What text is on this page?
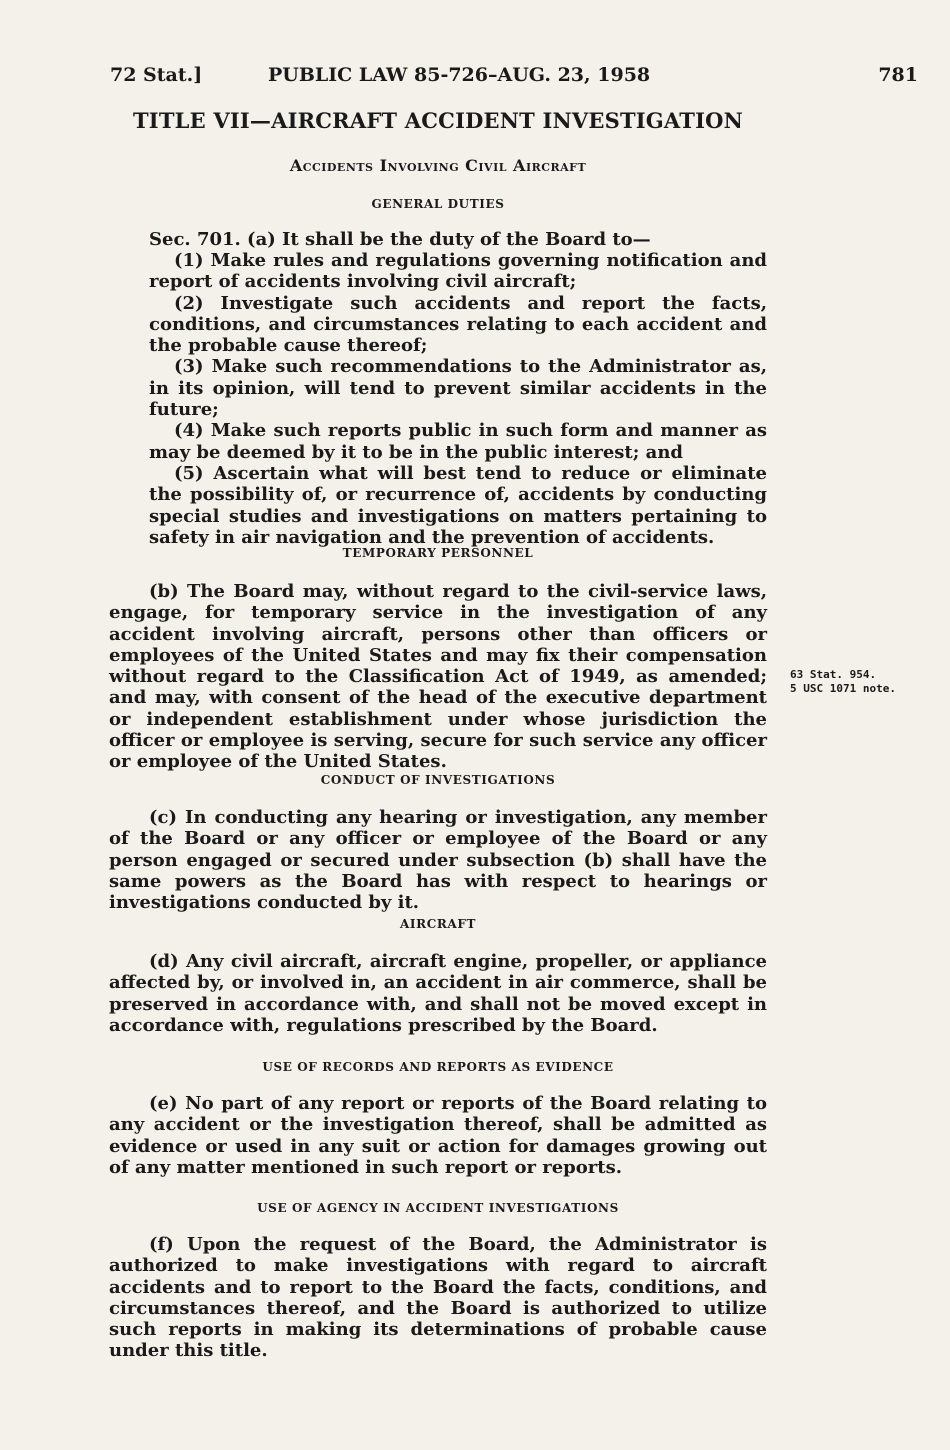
72 Stat.]	PUBLIC LAW 85-726–AUG. 23, 1958	781
TITLE VII—AIRCRAFT ACCIDENT INVESTIGATION
Accidents Involving Civil Aircraft
GENERAL DUTIES

Sec. 701. (a) It shall be the duty of the Board to—

(1) Make rules and regulations governing notification and report of accidents involving civil aircraft;

(2) Investigate such accidents and report the facts, conditions, and circumstances relating to each accident and the probable cause thereof;

(3) Make such recommendations to the Administrator as, in its opinion, will tend to prevent similar accidents in the future;

(4) Make such reports public in such form and manner as may be deemed by it to be in the public interest; and

(5) Ascertain what will best tend to reduce or eliminate the possibility of, or recurrence of, accidents by conducting special studies and investigations on matters pertaining to safety in air navigation and the prevention of accidents.

TEMPORARY PERSONNEL

(b) The Board may, without regard to the civil-service laws, engage, for temporary service in the investigation of any accident involving aircraft, persons other than officers or employees of the United States and may fix their compensation without regard to the Classification Act of 1949, as amended; and may, with consent of the head of the executive department or independent establishment under whose jurisdiction the officer or employee is serving, secure for such service any officer or employee of the United States.

63 Stat. 954.
5 USC 1071 note.
CONDUCT OF INVESTIGATIONS

(c) In conducting any hearing or investigation, any member of the Board or any officer or employee of the Board or any person engaged or secured under subsection (b) shall have the same powers as the Board has with respect to hearings or investigations conducted by it.

AIRCRAFT

(d) Any civil aircraft, aircraft engine, propeller, or appliance affected by, or involved in, an accident in air commerce, shall be preserved in accordance with, and shall not be moved except in accordance with, regulations prescribed by the Board.

USE OF RECORDS AND REPORTS AS EVIDENCE

(e) No part of any report or reports of the Board relating to any accident or the investigation thereof, shall be admitted as evidence or used in any suit or action for damages growing out of any matter mentioned in such report or reports.

USE OF AGENCY IN ACCIDENT INVESTIGATIONS

(f) Upon the request of the Board, the Administrator is authorized to make investigations with regard to aircraft accidents and to report to the Board the facts, conditions, and circumstances thereof, and the Board is authorized to utilize such reports in making its determinations of probable cause under this title.
